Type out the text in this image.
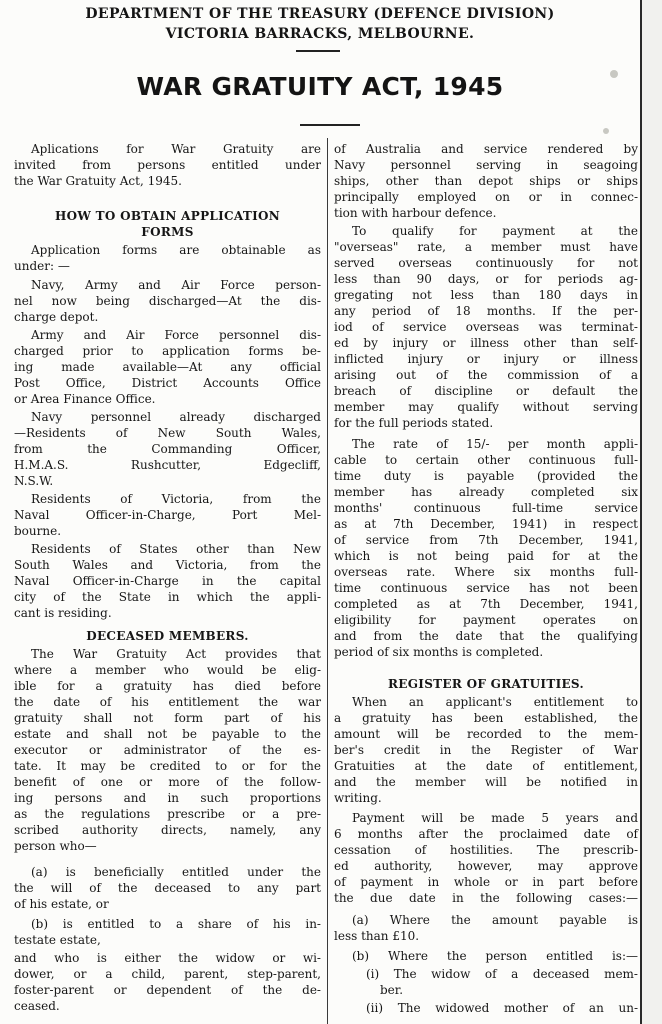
DEPARTMENT OF THE TREASURY (DEFENCE DIVISION)
VICTORIA BARRACKS, MELBOURNE.
WAR GRATUITY ACT, 1945
Aplications for War Gratuity are
invited from persons entitled under
the War Gratuity Act, 1945.
HOW TO OBTAIN APPLICATION
FORMS
Application forms are obtainable as
under: —
Navy, Army and Air Force person-
nel now being discharged—At the dis-
charge depot.
Army and Air Force personnel dis-
charged prior to application forms be-
ing made available—At any official
Post Office, District Accounts Office
or Area Finance Office.
Navy personnel already discharged
—Residents of New South Wales,
from the Commanding Officer,
H.M.A.S. Rushcutter, Edgecliff,
N.S.W.
Residents of Victoria, from the
Naval Officer-in-Charge, Port Mel-
bourne.
Residents of States other than New
South Wales and Victoria, from the
Naval Officer-in-Charge in the capital
city of the State in which the appli-
cant is residing.
DECEASED MEMBERS.
The War Gratuity Act provides that
where a member who would be elig-
ible for a gratuity has died before
the date of his entitlement the war
gratuity shall not form part of his
estate and shall not be payable to the
executor or administrator of the es-
tate. It may be credited to or for the
benefit of one or more of the follow-
ing persons and in such proportions
as the regulations prescribe or a pre-
scribed authority directs, namely, any
person who—
(a) is beneficially entitled under the
the will of the deceased to any part
of his estate, or
(b) is entitled to a share of his in-
testate estate,
and who is either the widow or wi-
dower, or a child, parent, step-parent,
foster-parent or dependent of the de-
ceased.
of Australia and service rendered by
Navy personnel serving in seagoing
ships, other than depot ships or ships
principally employed on or in connec-
tion with harbour defence.
To qualify for payment at the
"overseas" rate, a member must have
served overseas continuously for not
less than 90 days, or for periods ag-
gregating not less than 180 days in
any period of 18 months. If the per-
iod of service overseas was terminat-
ed by injury or illness other than self-
inflicted injury or injury or illness
arising out of the commission of a
breach of discipline or default the
member may qualify without serving
for the full periods stated.
The rate of 15/- per month appli-
cable to certain other continuous full-
time duty is payable (provided the
member has already completed six
months' continuous full-time service
as at 7th December, 1941) in respect
of service from 7th December, 1941,
which is not being paid for at the
overseas rate. Where six months full-
time continuous service has not been
completed as at 7th December, 1941,
eligibility for payment operates on
and from the date that the qualifying
period of six months is completed.
REGISTER OF GRATUITIES.
When an applicant's entitlement to
a gratuity has been established, the
amount will be recorded to the mem-
ber's credit in the Register of War
Gratuities at the date of entitlement,
and the member will be notified in
writing.
Payment will be made 5 years and
6 months after the proclaimed date of
cessation of hostilities. The prescrib-
ed authority, however, may approve
of payment in whole or in part before
the due date in the following cases:—
(a) Where the amount payable is
less than £10.
(b) Where the person entitled is:—
(i) The widow of a deceased mem-
ber.
(ii) The widowed mother of an un-
